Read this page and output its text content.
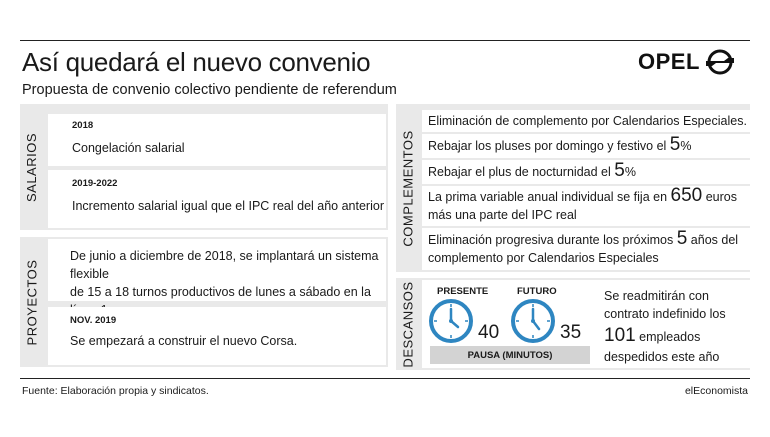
Así quedará el nuevo convenio
Propuesta de convenio colectivo pendiente de referendum
OPEL
SALARIOS
2018
Congelación salarial
2019-2022
Incremento salarial igual que el IPC real del año anterior
PROYECTOS
De junio a diciembre de 2018, se implantará un sistema flexible
de 15 a 18 turnos productivos de lunes a sábado en la
NOV. 2019
Se empezará a construir el nuevo Corsa.
COMPLEMENTOS
Eliminación de complemento por Calendarios Especiales.
Rebajar los pluses por domingo y festivo el 5%
Rebajar el plus de nocturnidad el 5%
La prima variable anual individual se fija en 650 euros
más una parte del IPC real
Eliminación progresiva durante los próximos 5 años del
complemento por Calendarios Especiales
DESCANSOS PRESENTE
40
FUTURO
35
PAUSA (MINUTOS)
Se readmitirán con
contrato indefinido los
101 empleados
despedidos este año
Fuente: Elaboración propia y sindicatos.	elEconomista
